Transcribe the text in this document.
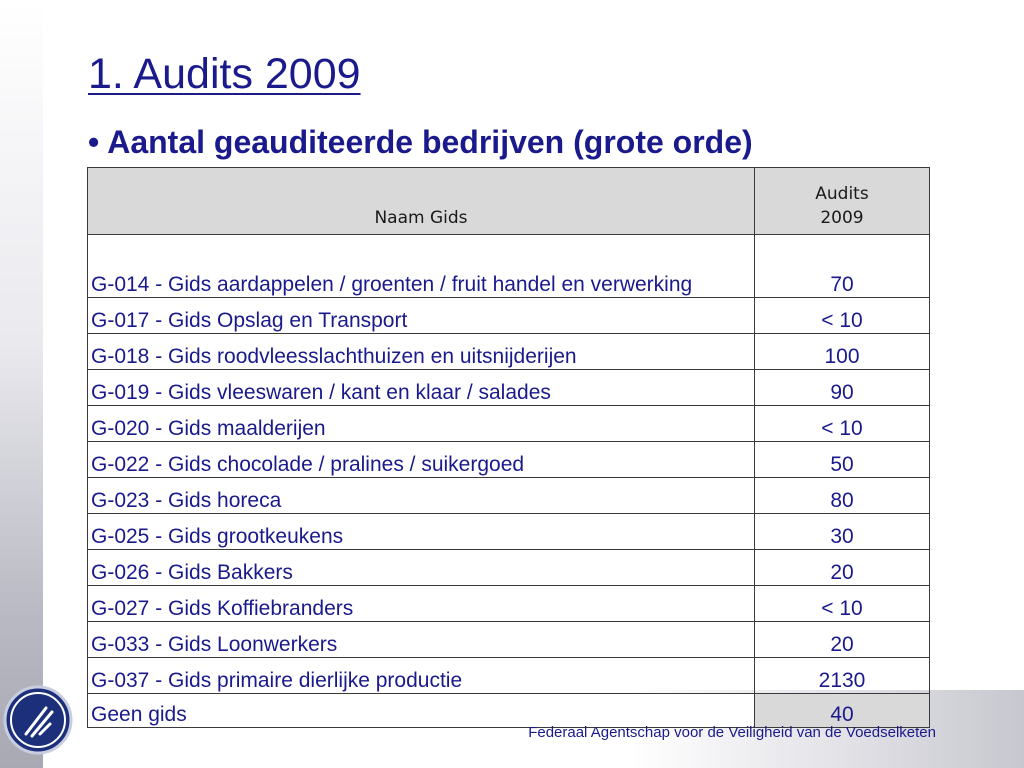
1. Audits 2009
• Aantal geauditeerde bedrijven (grote orde)
Naam Gids	Audits
2009
G-014 - Gids aardappelen / groenten / fruit handel en verwerking	70
G-017 - Gids Opslag en Transport	< 10
G-018 - Gids roodvleesslachthuizen en uitsnijderijen	100
G-019 - Gids vleeswaren / kant en klaar / salades	90
G-020 - Gids maalderijen	< 10
G-022 - Gids chocolade / pralines / suikergoed	50
G-023 - Gids horeca	80
G-025 - Gids grootkeukens	30
G-026 - Gids Bakkers	20
G-027 - Gids Koffiebranders	< 10
G-033 - Gids Loonwerkers	20
G-037 - Gids primaire dierlijke productie	2130
Geen gids	40
Federaal Agentschap voor de Veiligheid van de Voedselketen
